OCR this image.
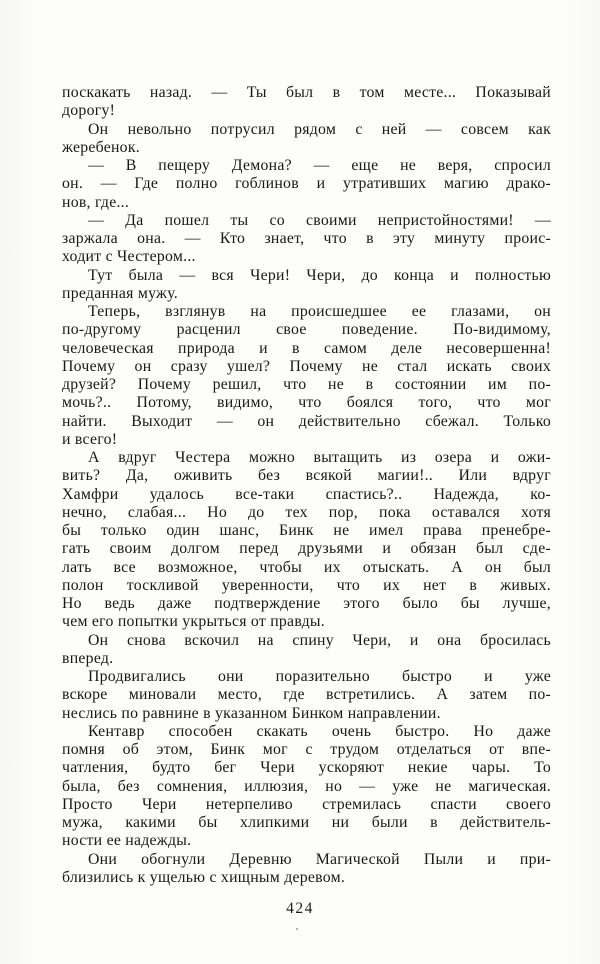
поскакать назад. — Ты был в том месте... Показывай
дорогу!
Он невольно потрусил рядом с ней — совсем как
жеребенок.
— В пещеру Демона? — еще не веря, спросил
он. — Где полно гоблинов и утративших магию драко-
нов, где...
— Да пошел ты со своими непристойностями! —
заржала она. — Кто знает, что в эту минуту проис-
ходит с Честером...
Тут была — вся Чери! Чери, до конца и полностью
преданная мужу.
Теперь, взглянув на происшедшее ее глазами, он
по-другому расценил свое поведение. По-видимому,
человеческая природа и в самом деле несовершенна!
Почему он сразу ушел? Почему не стал искать своих
друзей? Почему решил, что не в состоянии им по-
мочь?.. Потому, видимо, что боялся того, что мог
найти. Выходит — он действительно сбежал. Только
и всего!
А вдруг Честера можно вытащить из озера и ожи-
вить? Да, оживить без всякой магии!.. Или вдруг
Хамфри удалось все-таки спастись?.. Надежда, ко-
нечно, слабая... Но до тех пор, пока оставался хотя
бы только один шанс, Бинк не имел права пренебре-
гать своим долгом перед друзьями и обязан был сде-
лать все возможное, чтобы их отыскать. А он был
полон тоскливой уверенности, что их нет в живых.
Но ведь даже подтверждение этого было бы лучше,
чем его попытки укрыться от правды.
Он снова вскочил на спину Чери, и она бросилась
вперед.
Продвигались они поразительно быстро и уже
вскоре миновали место, где встретились. А затем по-
неслись по равнине в указанном Бинком направлении.
Кентавр способен скакать очень быстро. Но даже
помня об этом, Бинк мог с трудом отделаться от впе-
чатления, будто бег Чери ускоряют некие чары. То
была, без сомнения, иллюзия, но — уже не магическая.
Просто Чери нетерпеливо стремилась спасти своего
мужа, какими бы хлипкими ни были в действитель-
ности ее надежды.
Они обогнули Деревню Магической Пыли и при-
близились к ущелью с хищным деревом.
424
